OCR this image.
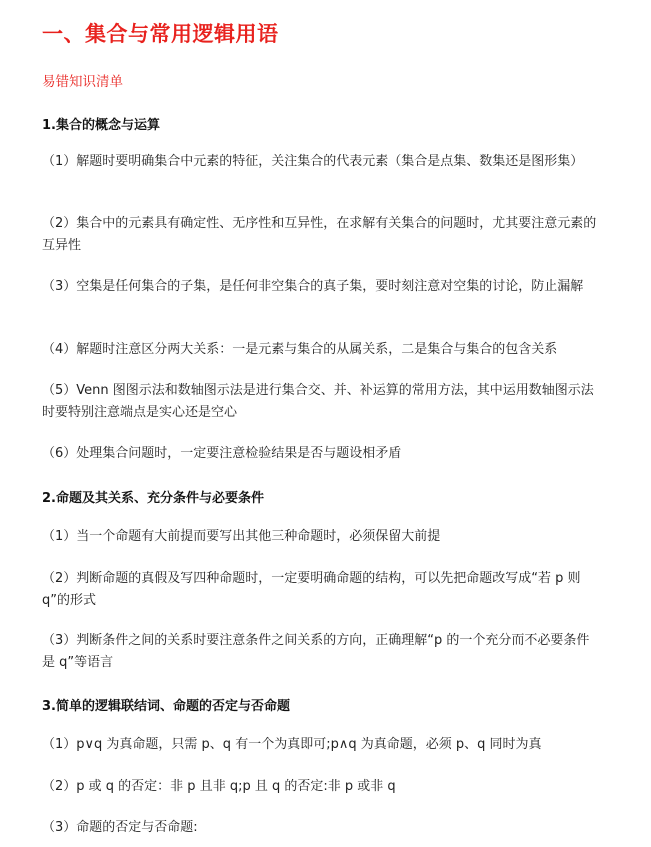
一、集合与常用逻辑用语
易错知识清单
1.集合的概念与运算

（1）解题时要明确集合中元素的特征，关注集合的代表元素（集合是点集、数集还是图形集）

（2）集合中的元素具有确定性、无序性和互异性，在求解有关集合的问题时，尤其要注意元素的互异性

（3）空集是任何集合的子集，是任何非空集合的真子集，要时刻注意对空集的讨论，防止漏解

（4）解题时注意区分两大关系：一是元素与集合的从属关系，二是集合与集合的包含关系

（5）Venn 图图示法和数轴图示法是进行集合交、并、补运算的常用方法，其中运用数轴图示法时要特别注意端点是实心还是空心

（6）处理集合问题时，一定要注意检验结果是否与题设相矛盾

2.命题及其关系、充分条件与必要条件

（1）当一个命题有大前提而要写出其他三种命题时，必须保留大前提

（2）判断命题的真假及写四种命题时，一定要明确命题的结构，可以先把命题改写成“若 p 则 q”的形式

（3）判断条件之间的关系时要注意条件之间关系的方向，正确理解“p 的一个充分而不必要条件是 q”等语言

3.简单的逻辑联结词、命题的否定与否命题

（1）p∨q 为真命题，只需 p、q 有一个为真即可;p∧q 为真命题，必须 p、q 同时为真

（2）p 或 q 的否定：非 p 且非 q;p 且 q 的否定:非 p 或非 q

（3）命题的否定与否命题:
